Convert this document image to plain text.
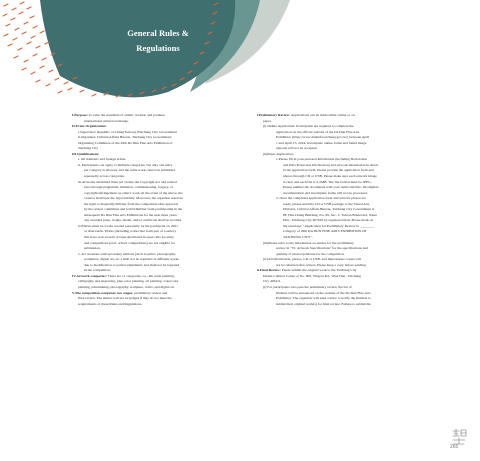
General Rules &
Regulations
I.Purpose: To raise the standards of artistic creation and promote
international cultural exchange.
II.Event Organization:
i.Supervisor: Republic of China(Taiwan) (Taichung City Government
ii.Organizer: Cultural Affairs Bureau, Taichung City Government;
Organizing Committee of the 29th Da Dun Fine Arts Exhibition of
Taichung City
III.Qualifications:
i. All domestic and foreign artists.
ii. Participants can apply to multiple categories, but only one entry
per category is allowed, and the same work cannot be submitted
repeatedly across categories.
iii.Artworks submitted must not violate the Copyright Act and related
laws through plagiarism, imitation, commissioning, forgery, or
copyright infringement on other's work. In the event of the above, the
violator shall bear the legal liability. Moreover, the organizer reserves
the right to disqualify him/her from the competition after approval
by the review committee and forbid him/her from participating in the
subsequent Da Dun Fine Arts Exhibitions for the next three years;
any awarded prize, trophy, medal, and/or certificate shall be recalled.
iv.Entries must be works created personally by the participant on 2021
or afterwards. Works (including works that form part of a series)
that have won awards or been shortlisted in open calls for entry
and competitions (excl. school competitions) are not eligible for
submission.
v. Art creations with secondary editions (such as prints, photography,
sculptures, digital art, etc.) shall not be regarded as different works
due to modification or partial adjustment, and shall not be repeated
in the competition.
IV.Artwork categories: There are 11 categories, i.e., ink wash painting,
calligraphy and engraving, glue color painting, oil painting, watercolor
painting, printmaking, photography, sculpture, crafts, and digital art.
V.The competition comprises two stages: preliminary review and
final review. The entries will not be judged if they do not meet the
requirements of these Rules and Regulations.
i.Preliminary Review: Applications can be made either online or on
paper.
(i) Online Application: Participants are required to complete the
application on the official website of the Da Dun Fine Arts
Exhibition (https://www.dadunfa.taichung.gov.tw/) between April
1 and April 15, 2024. Incomplete online forms and failed image
uploads will not be accepted.
(ii)Paper Application:
1.Please fill in your personal information (including Declaration
and Data Protection Declaration) and artwork information in detail
in the application form. Please provide the application form and
photos through CD or USB. Please make sure each artwork image
is clear and each file is 2-5MB. The file format must be JPEG.
Please number the documents with your name and title. Incomplete
documentation and incomplete forms will not be processed.
2. Once the completed application form and artwork photos are
ready, please send the CD or USB package to the Visual Arts
Division, Cultural Affairs Bureau, Taichung City Government at
8F, Hui-Chung Building, No. 99, Sec. 3, Taiwan Boulevard, Xitun
Dist., Taichung City 407610 by registered mail. Please mark on
the envelope: "Application for Preliminary Review in ________
Category of 29th DA DUN FINE ARTS EXHIBITION OF
TAICHUNG CITY".
(iii)Please refer to the information on entries for the preliminary
review in "VI. Artwork Specifications" for the specifications and
quantity of photos/printouts for the competition.
(iv)All information, photos, CD or USB, and impressions copies will
not be returned after review. Please keep a copy before sending.
ii.Final Review: Please submit the original work to the Taichung City
Dadun Cultural Center at No. 600, Yingcai Rd., West Dist., Taichung
City 403411.
(i) For participants who pass the preliminary review, the list of
finalists will be announced on the website of the Da Dun Fine Arts
Exhibition. The organizer will send a letter to notify the finalists to
submit their original work(s) for final review. Failure to submit the
265
